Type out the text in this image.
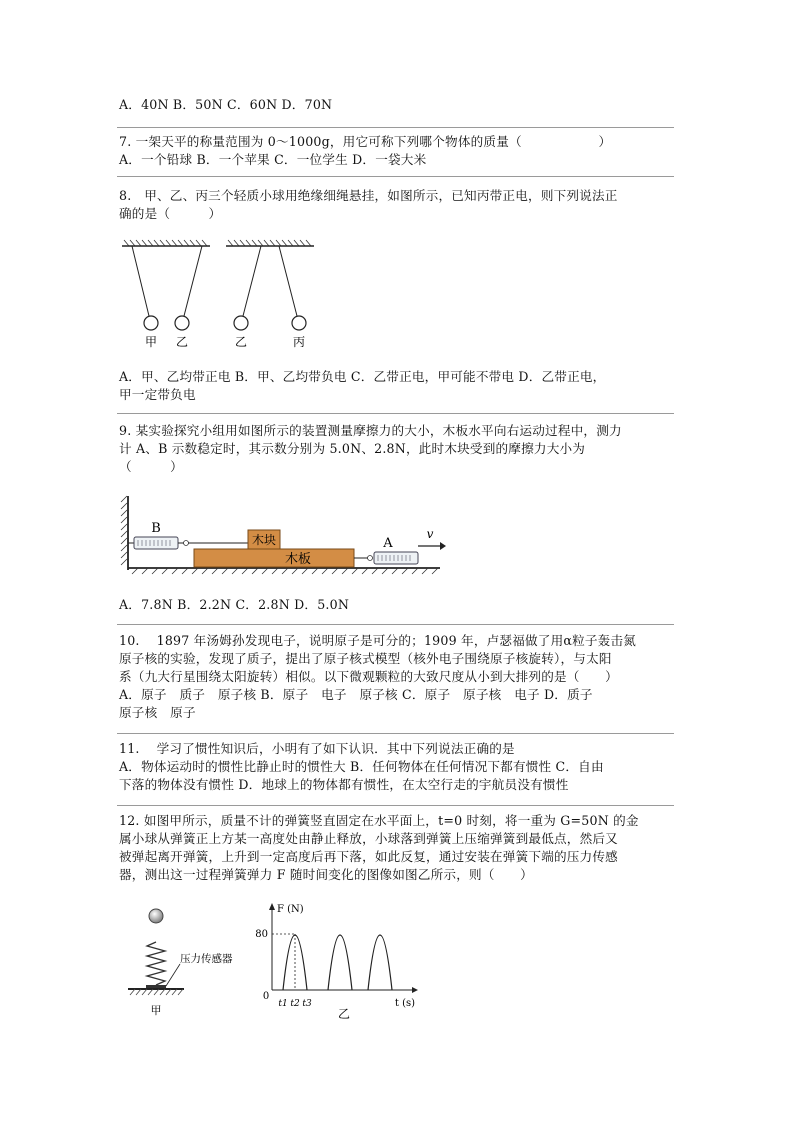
A．40N B．50N C．60N D．70N
7. 一架天平的称量范围为 0～1000g，用它可称下列哪个物体的质量（　　　　　　）
A．一个铅球 B．一个苹果 C．一位学生 D．一袋大米
8.　甲、乙、丙三个轻质小球用绝缘细绳悬挂，如图所示，已知丙带正电，则下列说法正
确的是（　　　）
甲 乙	乙	丙
A．甲、乙均带正电 B．甲、乙均带负电 C．乙带正电，甲可能不带电 D．乙带正电，
甲一定带负电
9. 某实验探究小组用如图所示的装置测量摩擦力的大小，木板水平向右运动过程中，测力
计 A、B 示数稳定时，其示数分别为 5.0N、2.8N，此时木块受到的摩擦力大小为
（　　　）
B
木板
木块	A
v
A．7.8N B．2.2N C．2.8N D．5.0N
10.　 1897 年汤姆孙发现电子，说明原子是可分的；1909 年，卢瑟福做了用α粒子轰击氮
原子核的实验，发现了质子，提出了原子核式模型（核外电子围绕原子核旋转），与太阳
系（九大行星围绕太阳旋转）相似。以下微观颗粒的大致尺度从小到大排列的是（　　）
A．原子　质子　原子核 B．原子　电子　原子核 C．原子　原子核　电子 D．质子
原子核　原子
11.　 学习了惯性知识后，小明有了如下认识．其中下列说法正确的是
A．物体运动时的惯性比静止时的惯性大 B．任何物体在任何情况下都有惯性 C．自由
下落的物体没有惯性 D．地球上的物体都有惯性，在太空行走的宇航员没有惯性
12. 如图甲所示，质量不计的弹簧竖直固定在水平面上，t=0 时刻，将一重为 G=50N 的金
属小球从弹簧正上方某一高度处由静止释放，小球落到弹簧上压缩弹簧到最低点，然后又
被弹起离开弹簧，上升到一定高度后再下落，如此反复，通过安装在弹簧下端的压力传感
器，测出这一过程弹簧弹力 F 随时间变化的图像如图乙所示，则（　　）
压力传感器
甲
F (N)
80
0
t1 t2 t3	t (s)
乙
